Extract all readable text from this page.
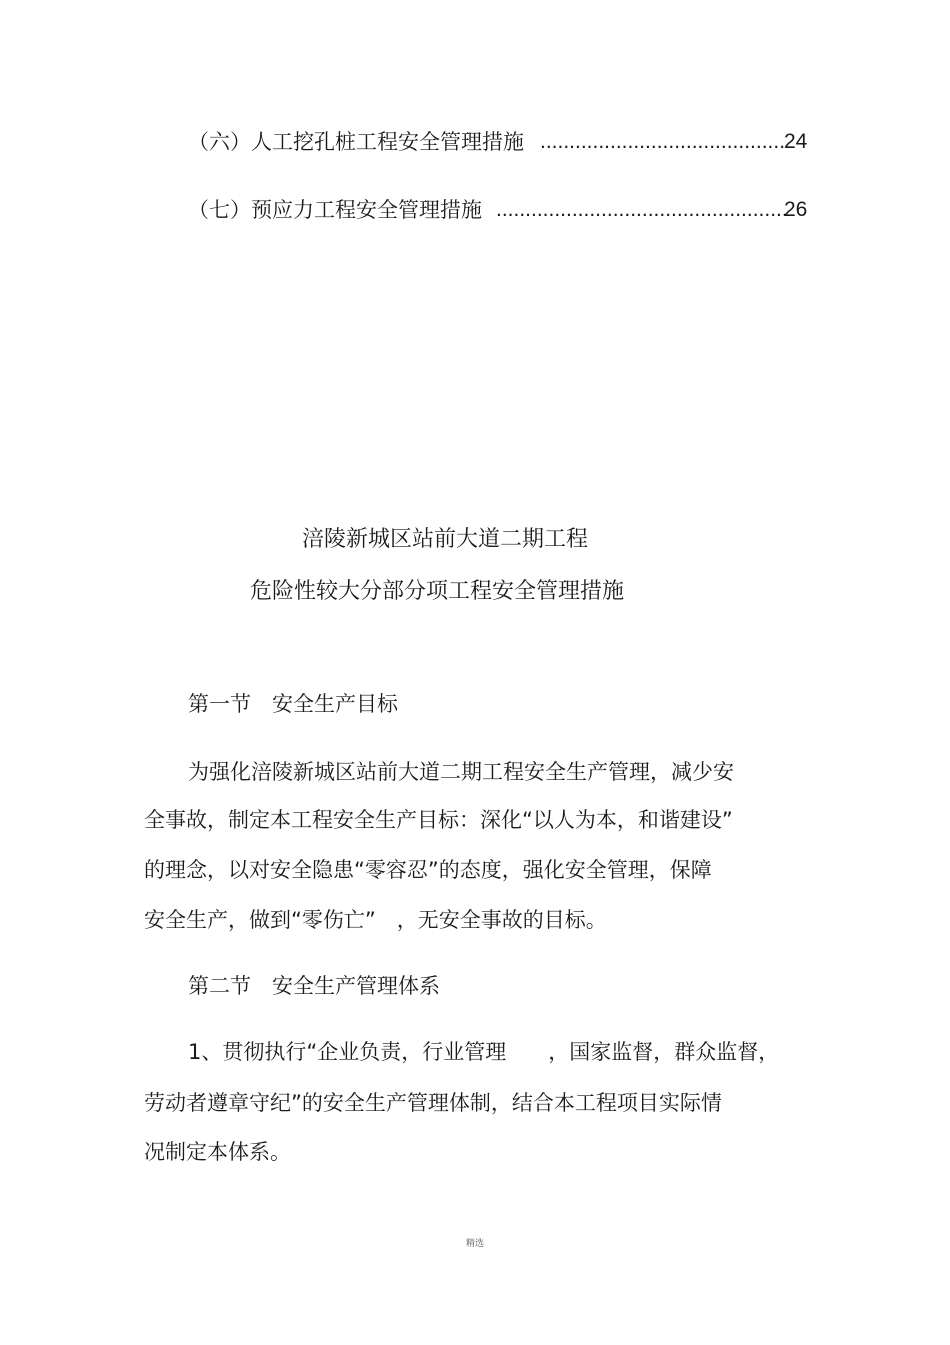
（六）人工挖孔桩工程安全管理措施 ..........................................
24
（七）预应力工程安全管理措施 ..................................................
26
涪陵新城区站前大道二期工程
危险性较大分部分项工程安全管理措施
第一节　安全生产目标
为强化涪陵新城区站前大道二期工程安全生产管理，减少安
全事故，制定本工程安全生产目标：深化“以人为本，和谐建设”
的理念，以对安全隐患“零容忍”的态度，强化安全管理，保障
安全生产，做到“零伤亡”　，无安全事故的目标。
第二节　安全生产管理体系
1、贯彻执行“企业负责，行业管理　　，国家监督，群众监督，
劳动者遵章守纪”的安全生产管理体制，结合本工程项目实际情
况制定本体系。
精选
